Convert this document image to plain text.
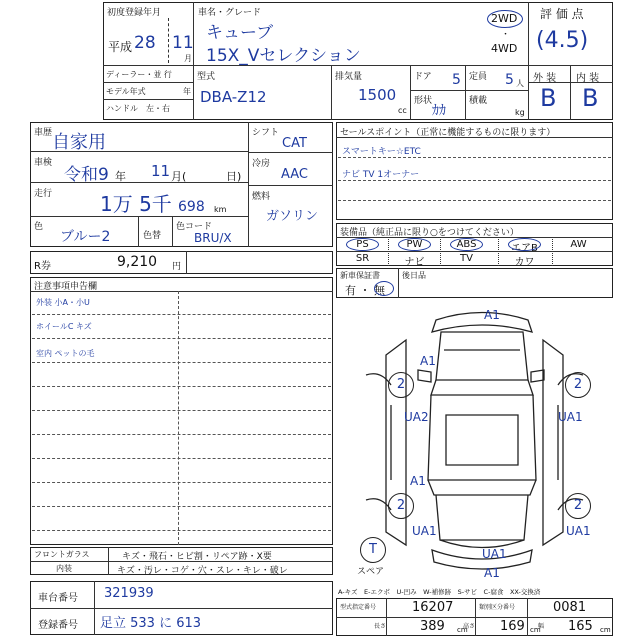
初度登録年月
平成 28 11
月
車名・グレード
キューブ
15X_Vセレクション
2WD
・
4WD
評 価 点
(4.5)
外 装 内 装
B B
ディーラー・並 行
モデル年式	年
ハンドル　左・右
型式
DBA-Z12
排気量
1500
cc
ドア 5 定員 5 人
形状
ｶｶ
積載
kg
車歴 自家用
車検
令和9 年 11 月(	日)
走行 1万 5千 698 km
色
ブルー2	色替
色コード
BRU/X
シフト
CAT
冷房
AAC
燃料
ガソリン
セールスポイント（正常に機能するものに限ります）
スマートキー☆ETC
ナビ TV 1オーナー
装備品（純正品に限り○をつけてください）
PS	PW	ABS	エアB	AW
SR	ナビ	TV	カワ
新車保証書
有 ・ 無
後日品
R券	9,210 円
注意事項申告欄
外装 小A・小U
ホイールC キズ
室内 ペットの毛
2	2
2	2
T
スペア
A1
A1
UA2	UA1
A1
UA1	UA1
UA1
A1
フロントガラス	キズ・飛石・ヒビ割・リペア跡・X要
内装	キズ・汚レ・コゲ・穴・スレ・キレ・破レ
A-キズ　E-エクボ　U-凹み　W-補修跡　S-サビ　C-腐食　XX-交換済
車台番号 321939
登録番号 足立 533 に 613
型式指定番号	16207	類別区分番号	0081
長さ	389 cm
高さ 169 cm
幅 165 cm
